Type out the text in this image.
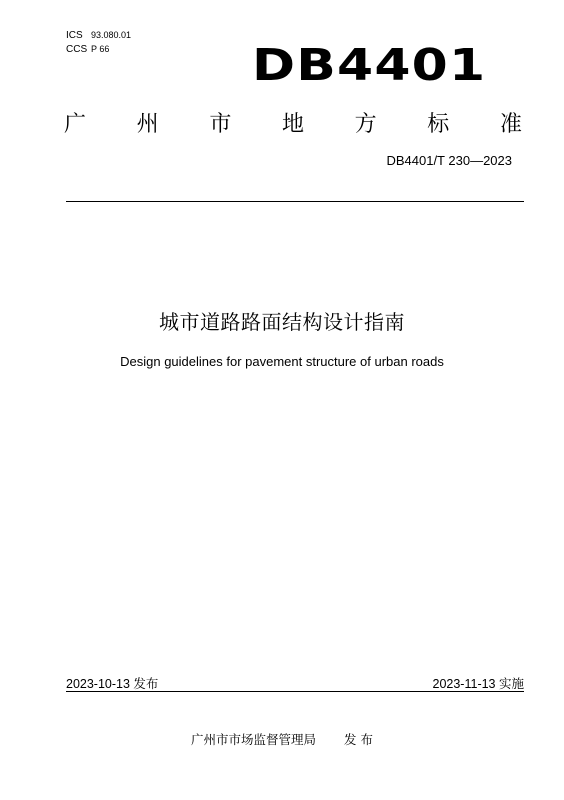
ICS 93.080.01
CCS P 66	DB4401
广 州 市 地 方 标 准
DB4401/T 230—2023
城市道路路面结构设计指南
Design guidelines for pavement structure of urban roads
2023-10-13 发布	2023-11-13 实施
广州市市场监督管理局 发 布
